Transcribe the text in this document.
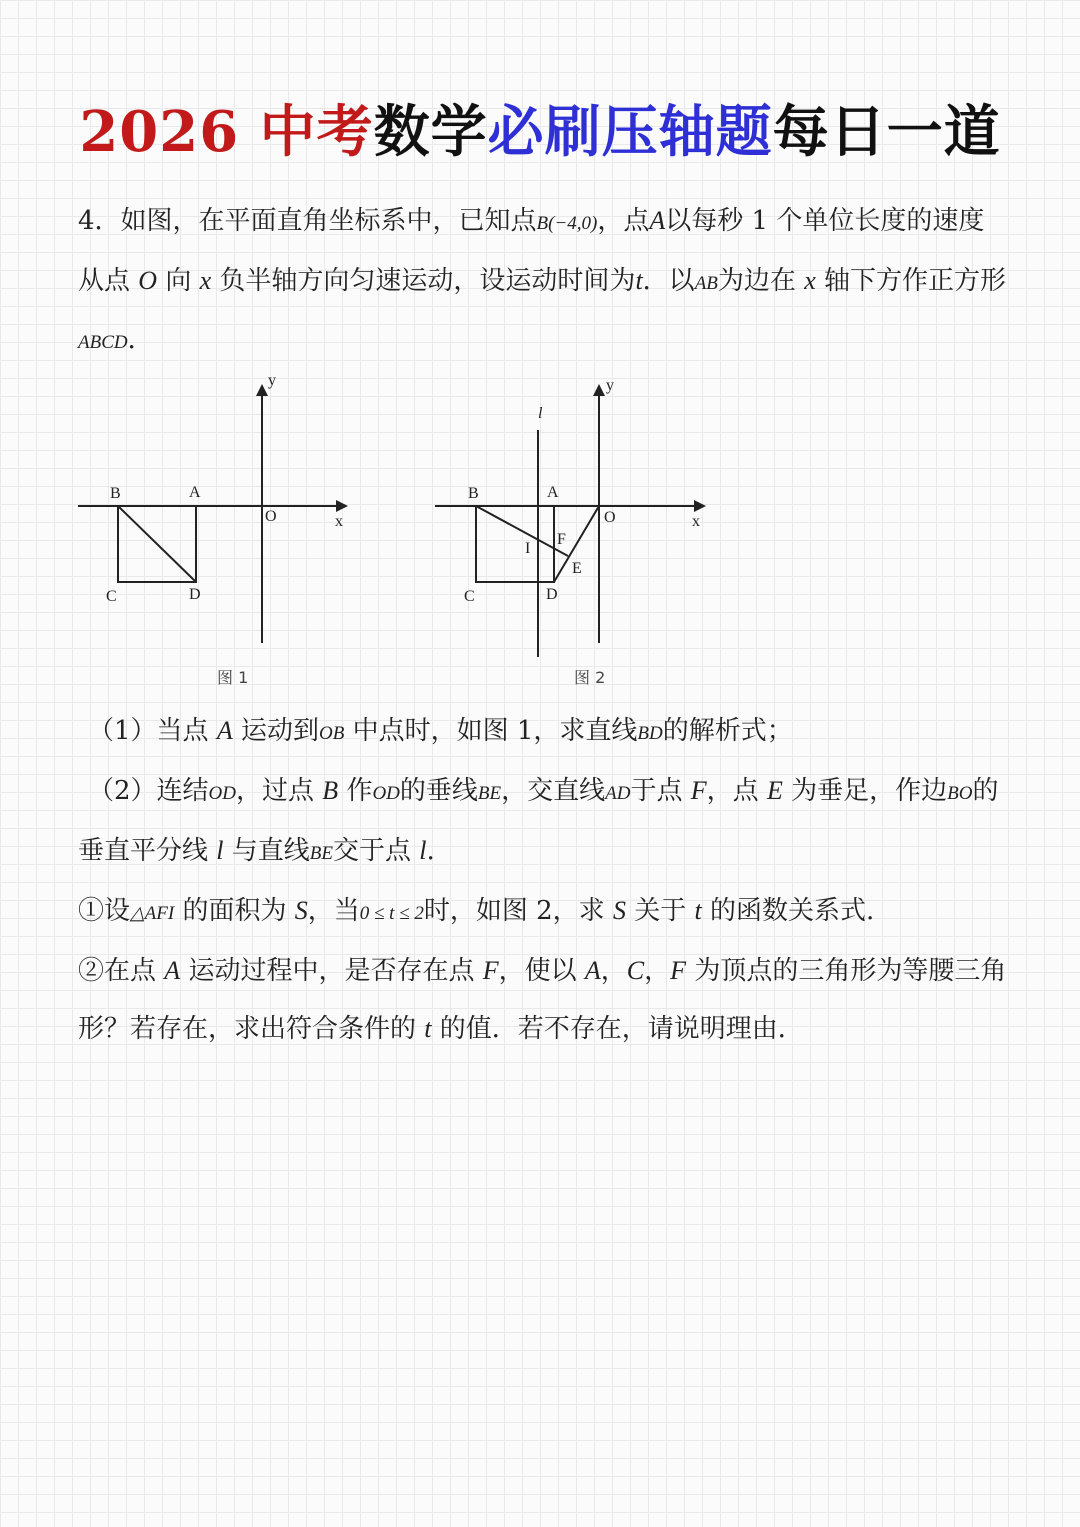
2026 中考数学必刷压轴题每日一道

4．如图，在平面直角坐标系中，已知点B(−4,0)，点A以每秒 1 个单位长度的速度从点 O 向 x 负半轴方向匀速运动，设运动时间为t．以AB为边在 x 轴下方作正方形ABCD．

y
x
O
B	A
C	D
图 1
y
x
O
l
B	A
C	D
I
F
E
图 2

（1）当点 A 运动到OB 中点时，如图 1，求直线BD的解析式；

（2）连结OD，过点 B 作OD的垂线BE，交直线AD于点 F，点 E 为垂足，作边BO的垂直平分线 l 与直线BE交于点 l.

①设△AFI 的面积为 S，当0 ≤ t ≤ 2时，如图 2，求 S 关于 t 的函数关系式.

②在点 A 运动过程中，是否存在点 F，使以 A，C，F 为顶点的三角形为等腰三角形？若存在，求出符合条件的 t 的值．若不存在，请说明理由．
